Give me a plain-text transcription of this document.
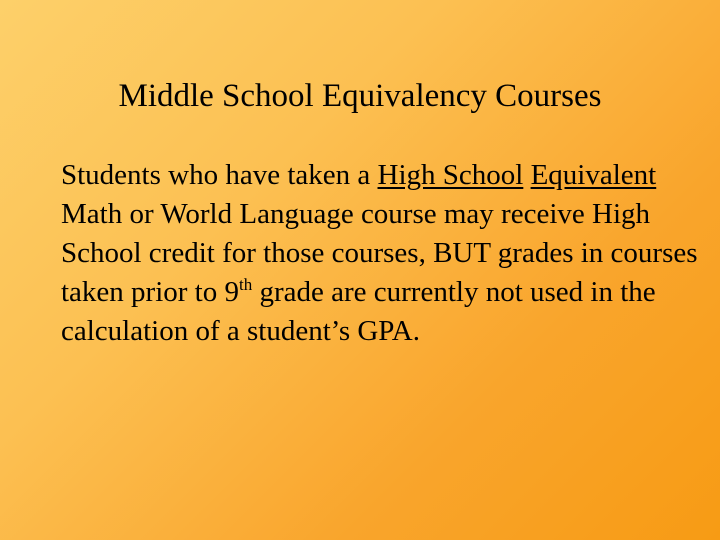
Middle School Equivalency Courses
Students who have taken a High School Equivalent Math or World Language course may receive High School credit for those courses, BUT grades in courses taken prior to 9th grade are currently not used in the calculation of a student’s GPA.
